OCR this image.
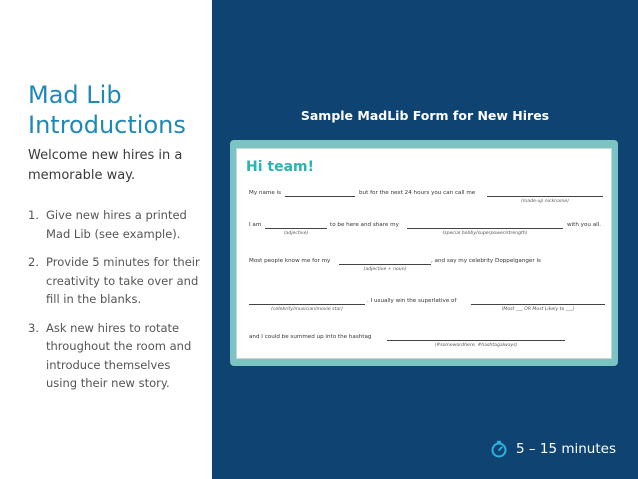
Mad Lib Introductions

Welcome new hires in a memorable way.

1. Give new hires a printed Mad Lib (see example).
2. Provide 5 minutes for their creativity to take over and fill in the blanks.
3. Ask new hires to rotate throughout the room and introduce themselves using their new story.
Sample MadLib Form for New Hires
Hi team!
My name is	but for the next 24 hours you can call me
(made-up nickname)
I am
(adjective)
to be here and share my
(special hobby/superpower/strength)
with you all.
Most people know me for my
(adjective + noun)
, and say my celebrity Doppelganger is
(celebrity/musician/movie star)
. I usually win the superlative of
(Most ___ OR Most Likely to ___)
and I could be summed up into the hashtag
(#somewordhere, #hashtagalways)
5 – 15 minutes
